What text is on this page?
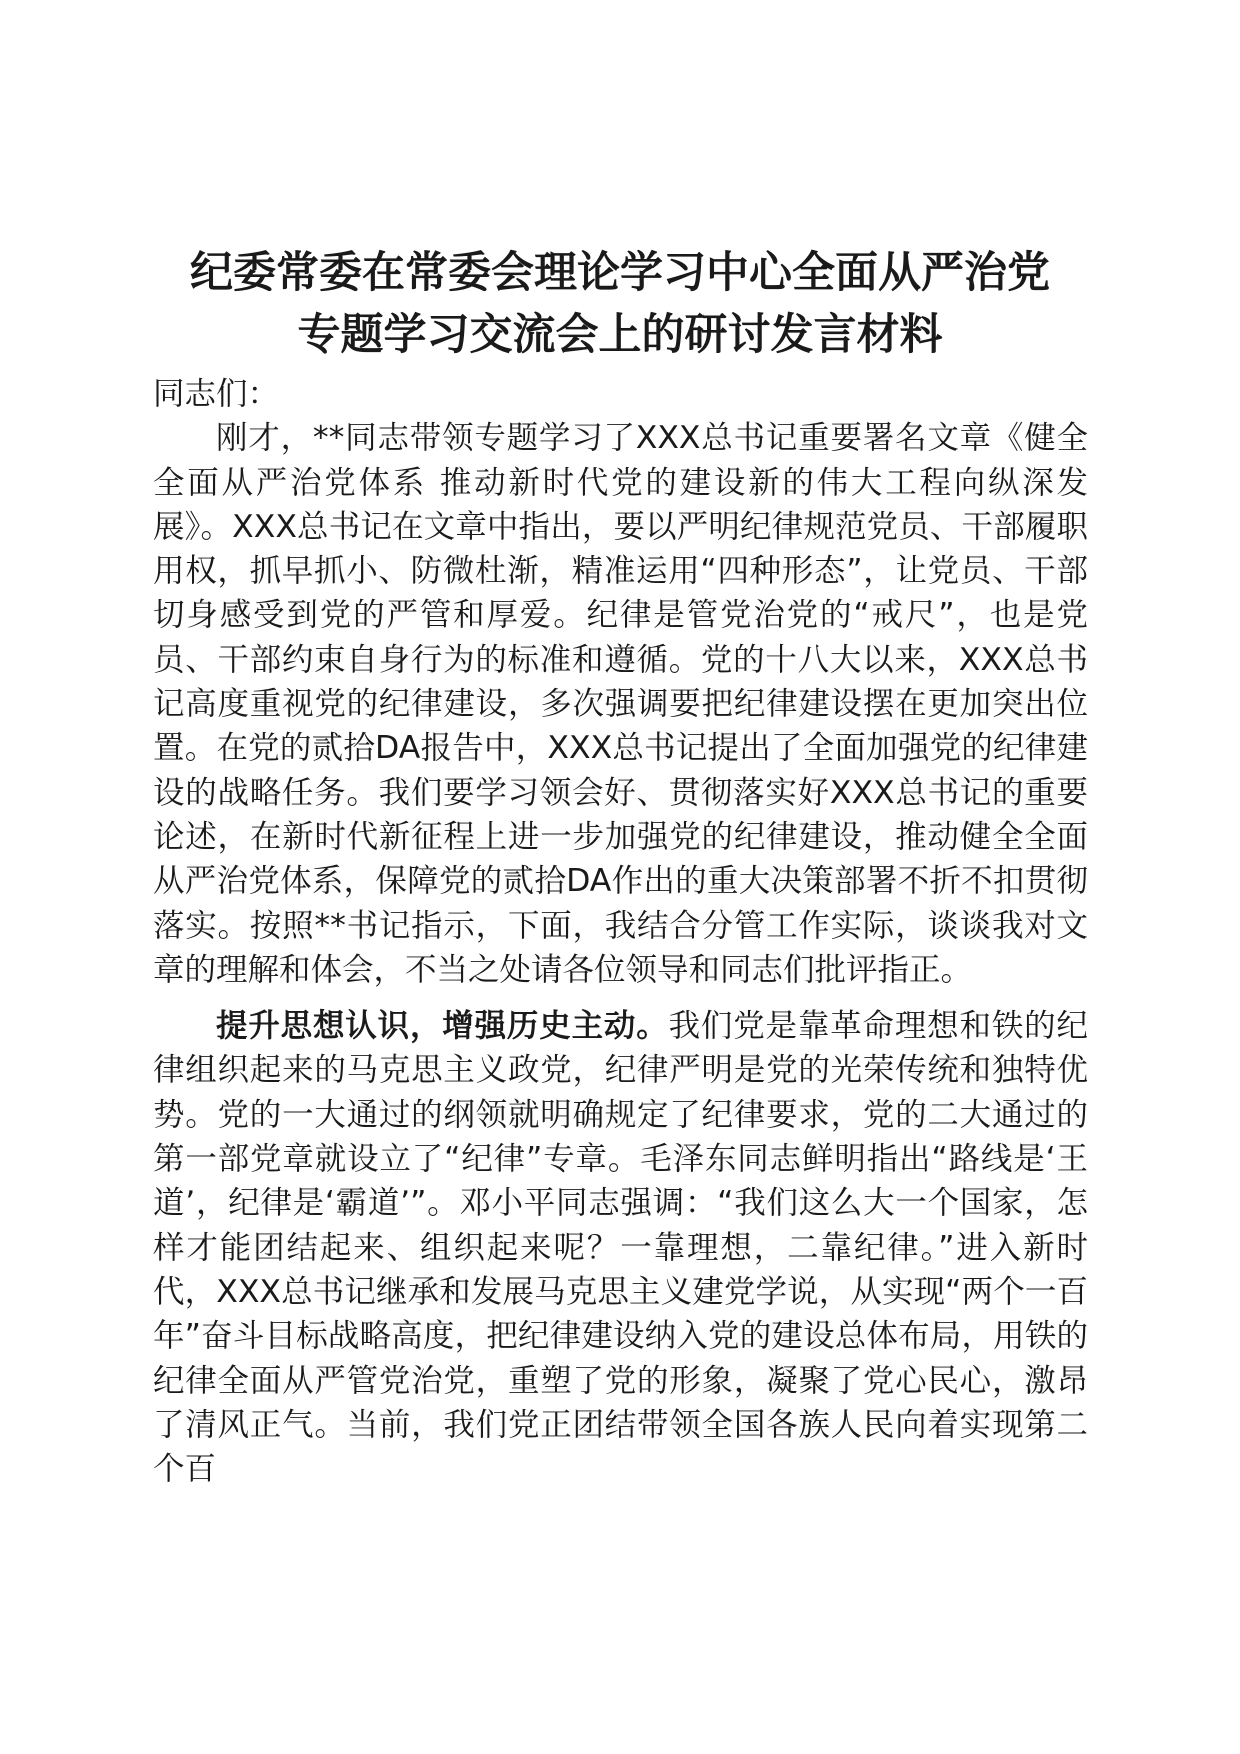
纪委常委在常委会理论学习中心全面从严治党
专题学习交流会上的研讨发言材料

同志们：

刚才，**同志带领专题学习了XXX总书记重要署名文章《健全全面从严治党体系 推动新时代党的建设新的伟大工程向纵深发展》。XXX总书记在文章中指出，要以严明纪律规范党员、干部履职用权，抓早抓小、防微杜渐，精准运用“四种形态”，让党员、干部切身感受到党的严管和厚爱。纪律是管党治党的“戒尺”，也是党员、干部约束自身行为的标准和遵循。党的十八大以来，XXX总书记高度重视党的纪律建设，多次强调要把纪律建设摆在更加突出位置。在党的贰拾DA报告中，XXX总书记提出了全面加强党的纪律建设的战略任务。我们要学习领会好、贯彻落实好XXX总书记的重要论述，在新时代新征程上进一步加强党的纪律建设，推动健全全面从严治党体系，保障党的贰拾DA作出的重大决策部署不折不扣贯彻落实。按照**书记指示，下面，我结合分管工作实际，谈谈我对文章的理解和体会，不当之处请各位领导和同志们批评指正。

提升思想认识，增强历史主动。我们党是靠革命理想和铁的纪律组织起来的马克思主义政党，纪律严明是党的光荣传统和独特优势。党的一大通过的纲领就明确规定了纪律要求，党的二大通过的第一部党章就设立了“纪律”专章。毛泽东同志鲜明指出“路线是‘王道’，纪律是‘霸道’”。邓小平同志强调：“我们这么大一个国家，怎样才能团结起来、组织起来呢？一靠理想，二靠纪律。”进入新时代，XXX总书记继承和发展马克思主义建党学说，从实现“两个一百年”奋斗目标战略高度，把纪律建设纳入党的建设总体布局，用铁的纪律全面从严管党治党，重塑了党的形象，凝聚了党心民心，激昂了清风正气。当前，我们党正团结带领全国各族人民向着实现第二个百
